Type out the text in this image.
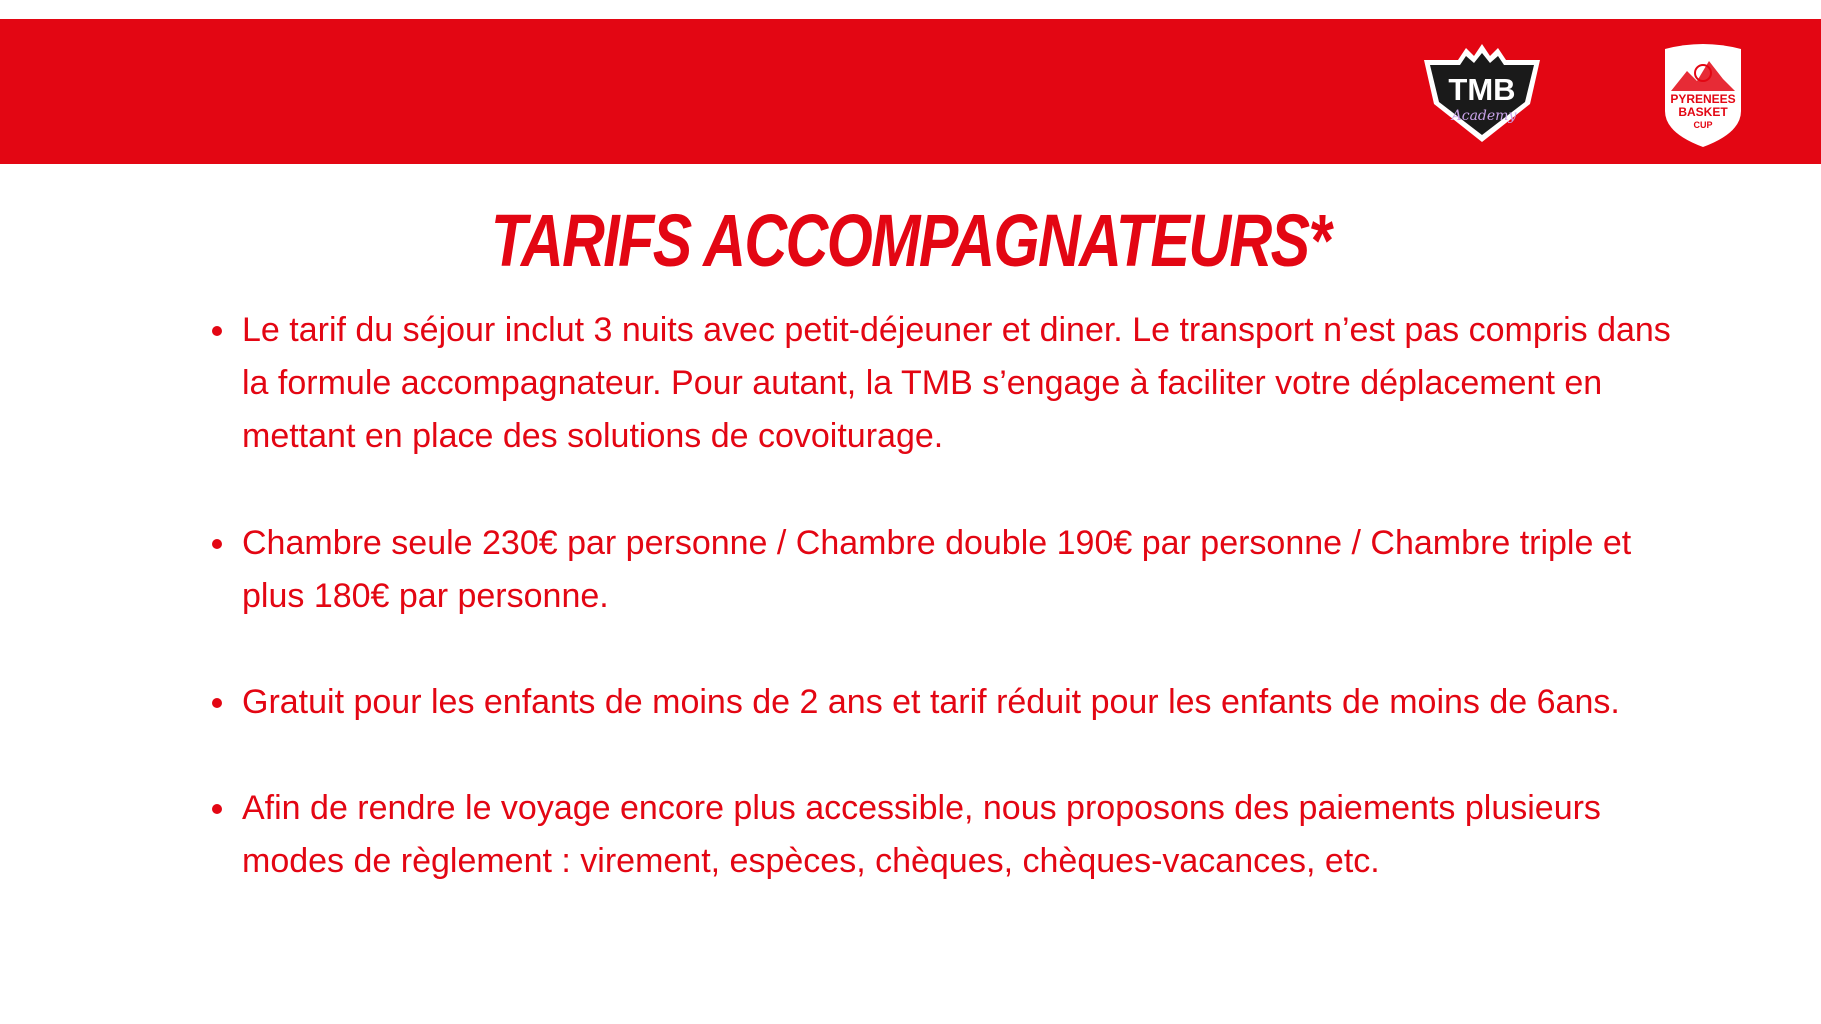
TMB
Academy
PYRENEES
BASKET
CUP
TARIFS ACCOMPAGNATEURS*
Le tarif du séjour inclut 3 nuits avec petit-déjeuner et diner. Le transport n’est pas compris dans la formule accompagnateur. Pour autant, la TMB s’engage à faciliter votre déplacement en mettant en place des solutions de covoiturage.
Chambre seule 230€ par personne / Chambre double 190€ par personne / Chambre triple et plus 180€ par personne.
Gratuit pour les enfants de moins de 2 ans et tarif réduit pour les enfants de moins de 6ans.
Afin de rendre le voyage encore plus accessible, nous proposons des paiements plusieurs modes de règlement : virement, espèces, chèques, chèques-vacances, etc.
